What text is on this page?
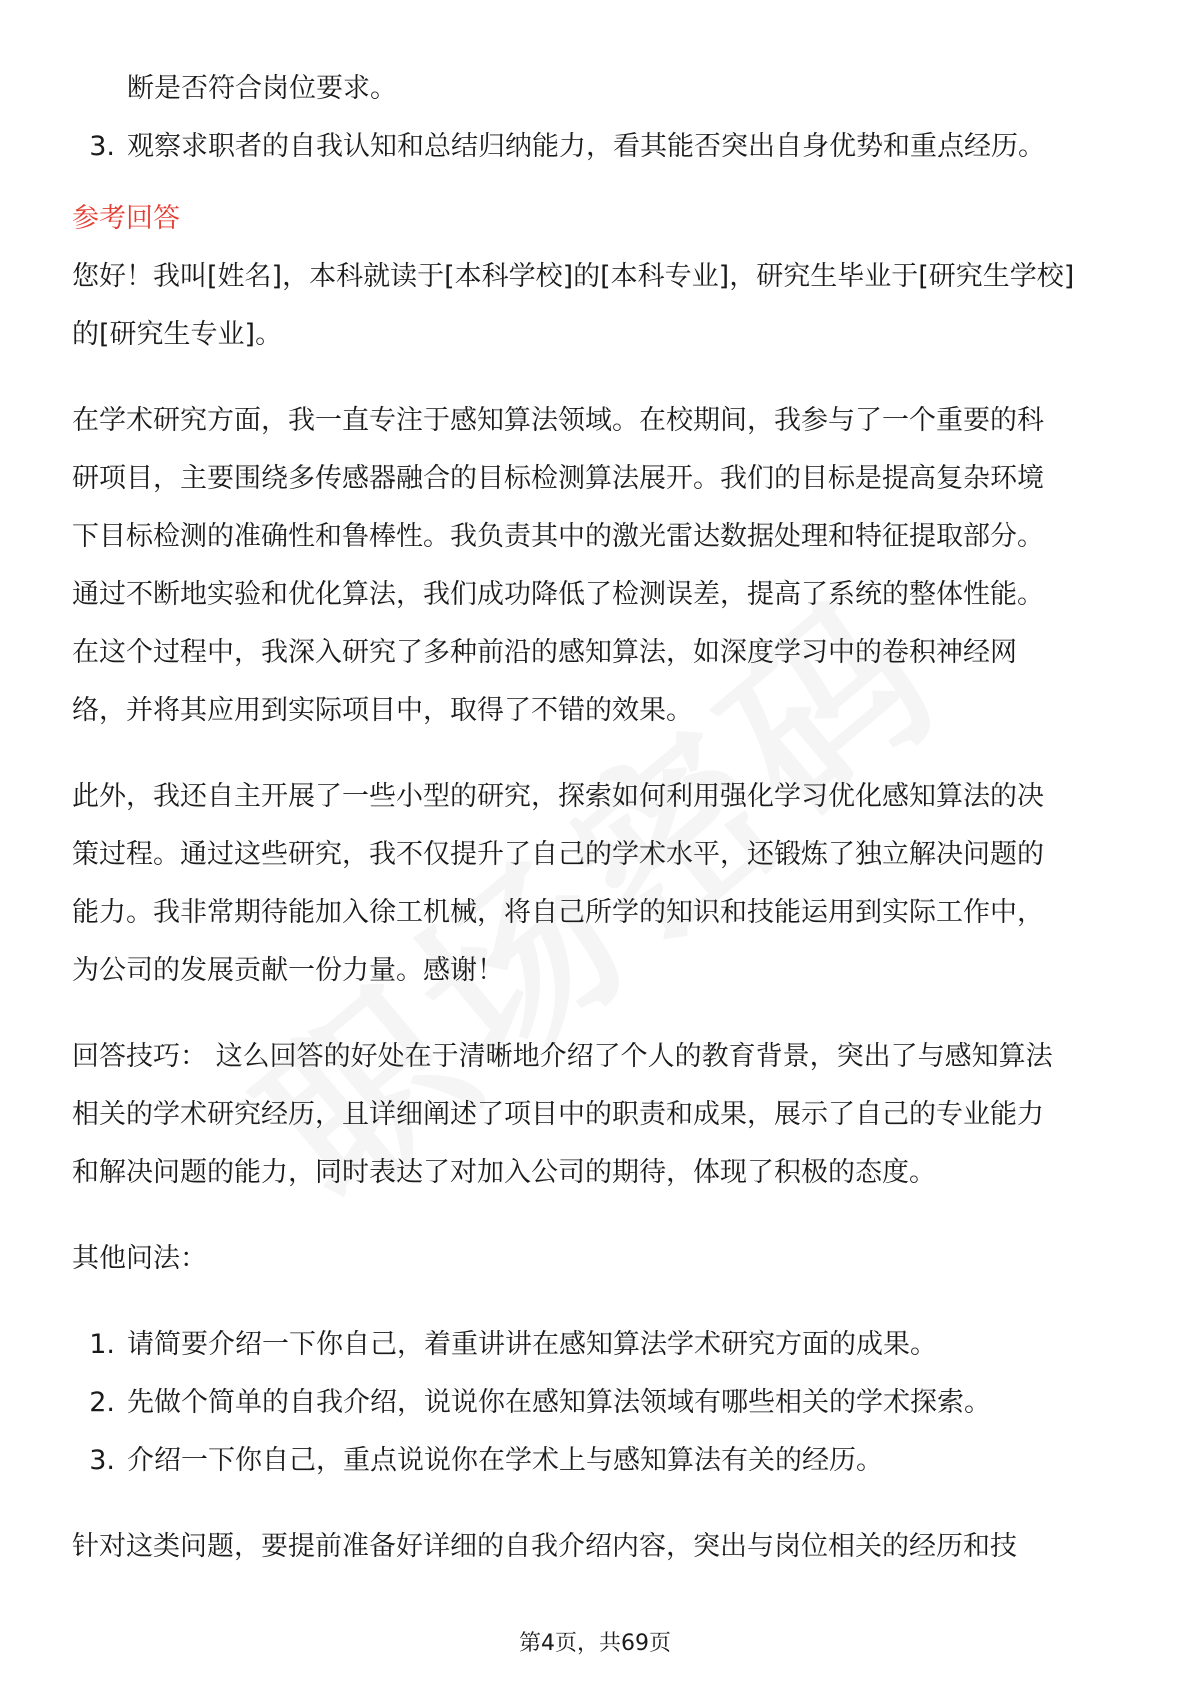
断是否符合岗位要求。

3. 观察求职者的自我认知和总结归纳能力，看其能否突出自身优势和重点经历。

参考回答

您好！我叫[姓名]，本科就读于[本科学校]的[本科专业]，研究生毕业于[研究生学校]

的[研究生专业]。

在学术研究方面，我一直专注于感知算法领域。在校期间，我参与了一个重要的科

研项目，主要围绕多传感器融合的目标检测算法展开。我们的目标是提高复杂环境

下目标检测的准确性和鲁棒性。我负责其中的激光雷达数据处理和特征提取部分。

通过不断地实验和优化算法，我们成功降低了检测误差，提高了系统的整体性能。

在这个过程中，我深入研究了多种前沿的感知算法，如深度学习中的卷积神经网

络，并将其应用到实际项目中，取得了不错的效果。

此外，我还自主开展了一些小型的研究，探索如何利用强化学习优化感知算法的决

策过程。通过这些研究，我不仅提升了自己的学术水平，还锻炼了独立解决问题的

能力。我非常期待能加入徐工机械，将自己所学的知识和技能运用到实际工作中，

为公司的发展贡献一份力量。感谢！

回答技巧： 这么回答的好处在于清晰地介绍了个人的教育背景，突出了与感知算法

相关的学术研究经历，且详细阐述了项目中的职责和成果，展示了自己的专业能力

和解决问题的能力，同时表达了对加入公司的期待，体现了积极的态度。

其他问法：

1. 请简要介绍一下你自己，着重讲讲在感知算法学术研究方面的成果。
2. 先做个简单的自我介绍，说说你在感知算法领域有哪些相关的学术探索。
3. 介绍一下你自己，重点说说你在学术上与感知算法有关的经历。

针对这类问题，要提前准备好详细的自我介绍内容，突出与岗位相关的经历和技

第4页，共69页
